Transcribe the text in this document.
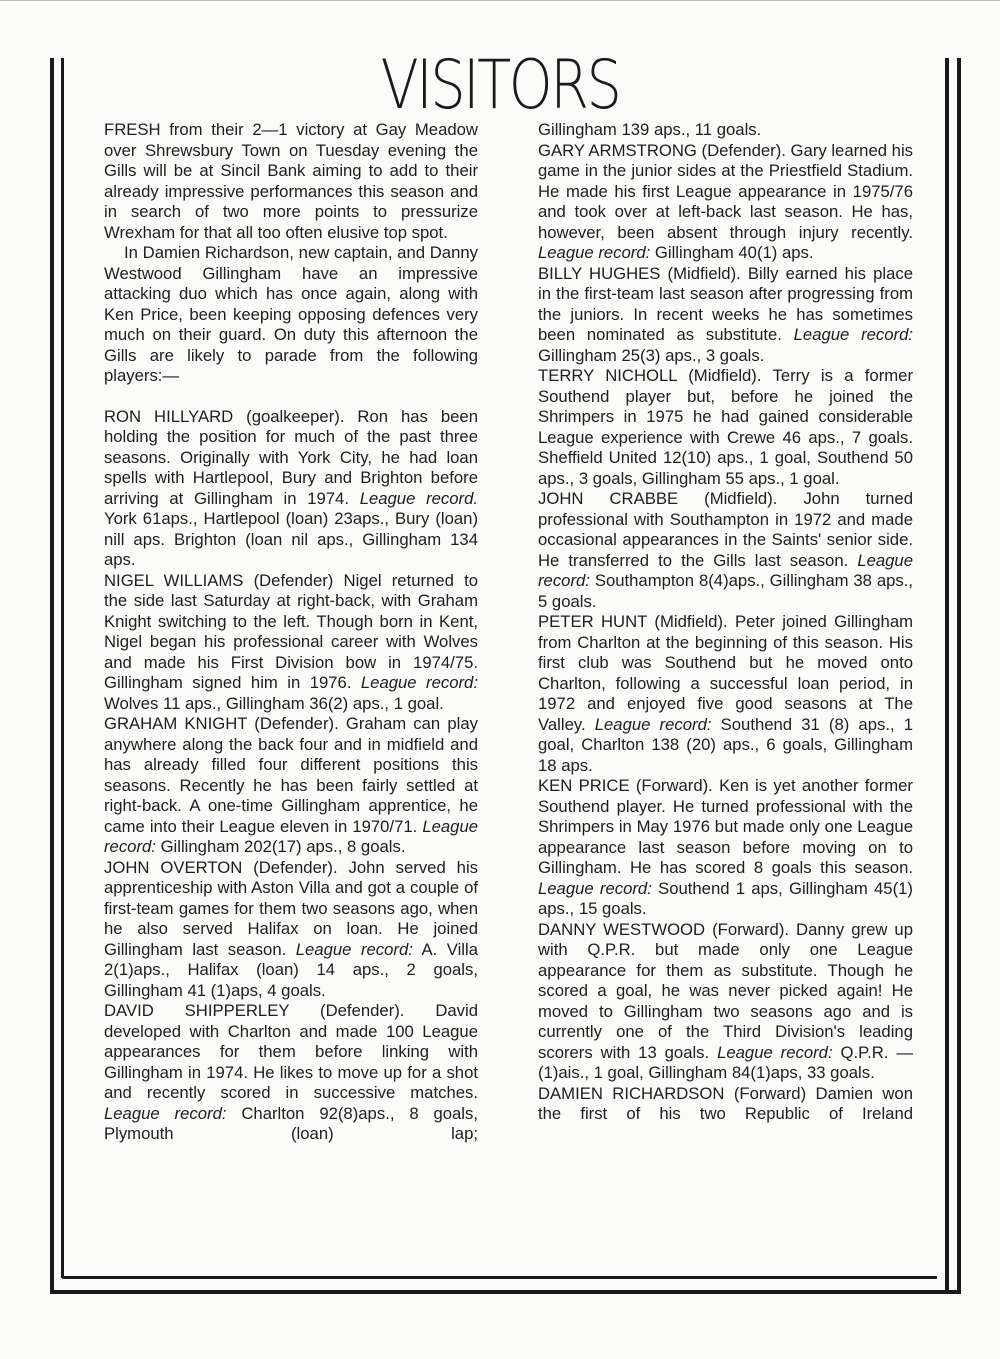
VISITORS

FRESH from their 2—1 victory at Gay Meadow over Shrewsbury Town on Tuesday evening the Gills will be at Sincil Bank aiming to add to their already impressive performances this season and in search of two more points to pressurize Wrexham for that all too often elusive top spot.

In Damien Richardson, new captain, and Danny Westwood Gillingham have an impressive attacking duo which has once again, along with Ken Price, been keeping opposing defences very much on their guard. On duty this afternoon the Gills are likely to parade from the following players:—

RON HILLYARD (goalkeeper). Ron has been holding the position for much of the past three seasons. Originally with York City, he had loan spells with Hartlepool, Bury and Brighton before arriving at Gillingham in 1974. League record. York 61aps., Hartlepool (loan) 23aps., Bury (loan) nill aps. Brighton (loan nil aps., Gillingham 134 aps.

NIGEL WILLIAMS (Defender) Nigel returned to the side last Saturday at right-back, with Graham Knight switching to the left. Though born in Kent, Nigel began his professional career with Wolves and made his First Division bow in 1974/75. Gillingham signed him in 1976. League record: Wolves 11 aps., Gillingham 36(2) aps., 1 goal.

GRAHAM KNIGHT (Defender). Graham can play anywhere along the back four and in midfield and has already filled four different positions this seasons. Recently he has been fairly settled at right-back. A one-time Gillingham apprentice, he came into their League eleven in 1970/71. League record: Gillingham 202(17) aps., 8 goals.

JOHN OVERTON (Defender). John served his apprenticeship with Aston Villa and got a couple of first-team games for them two seasons ago, when he also served Halifax on loan. He joined Gillingham last season. League record: A. Villa 2(1)aps., Halifax (loan) 14 aps., 2 goals, Gillingham 41 (1)aps, 4 goals.

DAVID SHIPPERLEY (Defender). David developed with Charlton and made 100 League appearances for them before linking with Gillingham in 1974. He likes to move up for a shot and recently scored in successive matches. League record: Charlton 92(8)aps., 8 goals, Plymouth (loan) lap;

Gillingham 139 aps., 11 goals.

GARY ARMSTRONG (Defender). Gary learned his game in the junior sides at the Priestfield Stadium. He made his first League appearance in 1975/76 and took over at left-back last season. He has, however, been absent through injury recently. League record: Gillingham 40(1) aps.

BILLY HUGHES (Midfield). Billy earned his place in the first-team last season after progressing from the juniors. In recent weeks he has sometimes been nominated as substitute. League record: Gillingham 25(3) aps., 3 goals.

TERRY NICHOLL (Midfield). Terry is a former Southend player but, before he joined the Shrimpers in 1975 he had gained considerable League experience with Crewe 46 aps., 7 goals. Sheffield United 12(10) aps., 1 goal, Southend 50 aps., 3 goals, Gillingham 55 aps., 1 goal.

JOHN CRABBE (Midfield). John turned professional with Southampton in 1972 and made occasional appearances in the Saints' senior side. He transferred to the Gills last season. League record: Southampton 8(4)aps., Gillingham 38 aps., 5 goals.

PETER HUNT (Midfield). Peter joined Gillingham from Charlton at the beginning of this season. His first club was Southend but he moved onto Charlton, following a successful loan period, in 1972 and enjoyed five good seasons at The Valley. League record: Southend 31 (8) aps., 1 goal, Charlton 138 (20) aps., 6 goals, Gillingham 18 aps.

KEN PRICE (Forward). Ken is yet another former Southend player. He turned professional with the Shrimpers in May 1976 but made only one League appearance last season before moving on to Gillingham. He has scored 8 goals this season. League record: Southend 1 aps, Gillingham 45(1) aps., 15 goals.

DANNY WESTWOOD (Forward). Danny grew up with Q.P.R. but made only one League appearance for them as substitute. Though he scored a goal, he was never picked again! He moved to Gillingham two seasons ago and is currently one of the Third Division's leading scorers with 13 goals. League record: Q.P.R. — (1)ais., 1 goal, Gillingham 84(1)aps, 33 goals.

DAMIEN RICHARDSON (Forward) Damien won the first of his two Republic of Ireland
